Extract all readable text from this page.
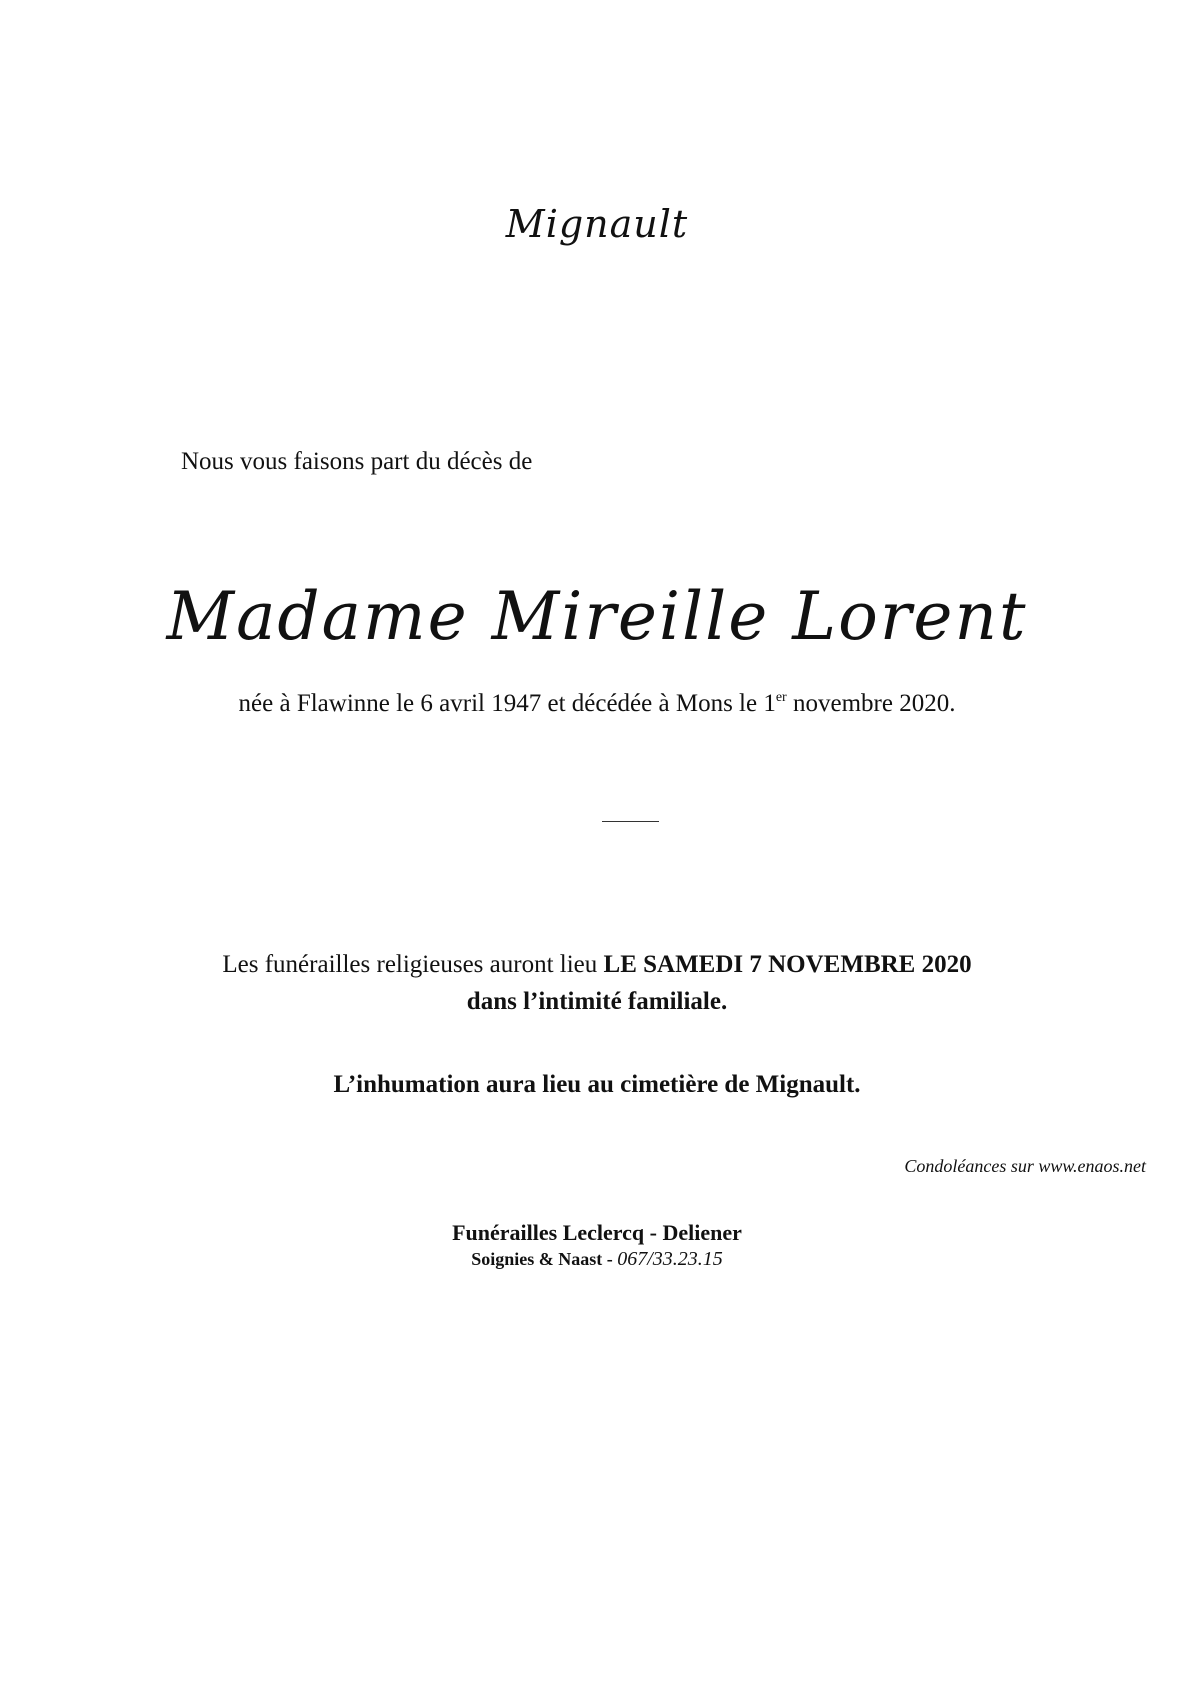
Mignault
Nous vous faisons part du décès de
Madame Mireille Lorent
née à Flawinne le 6 avril 1947 et décédée à Mons le 1er novembre 2020.
Les funérailles religieuses auront lieu LE SAMEDI 7 NOVEMBRE 2020
dans l’intimité familiale.
L’inhumation aura lieu au cimetière de Mignault.
Condoléances sur www.enaos.net
Funérailles Leclercq - Deliener
Soignies & Naast - 067/33.23.15
